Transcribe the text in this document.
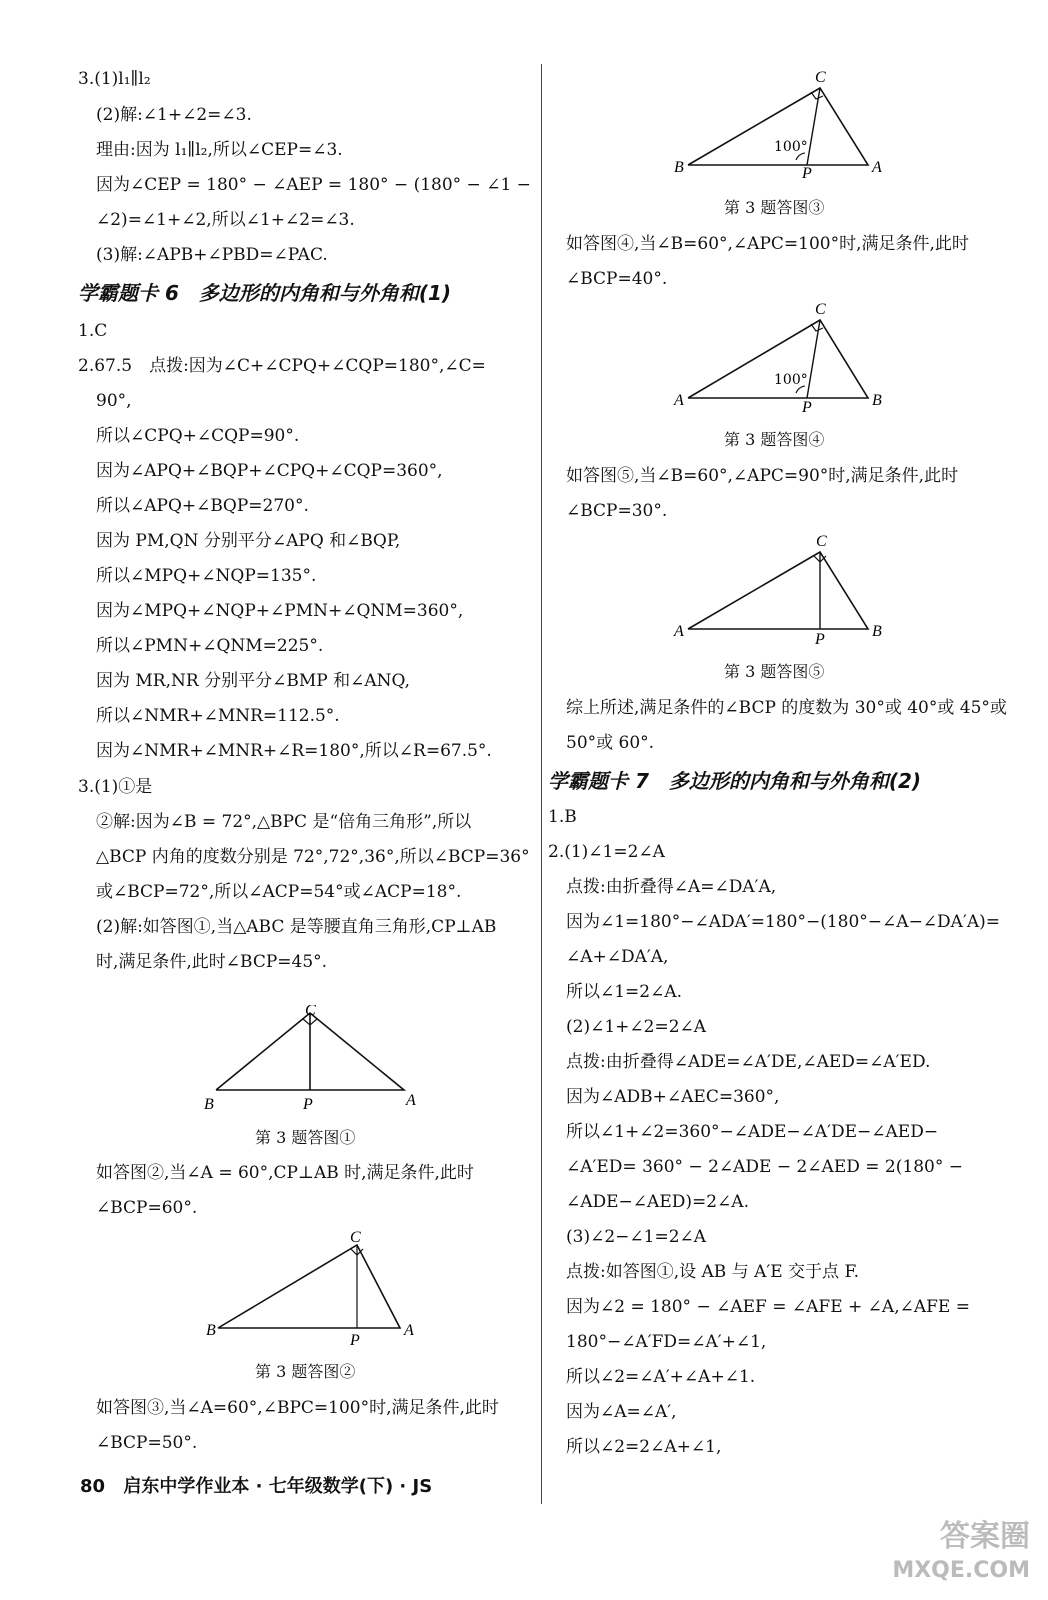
3.(1)l₁∥l₂
(2)解:∠1+∠2=∠3.
理由:因为 l₁∥l₂,所以∠CEP=∠3.
因为∠CEP = 180° − ∠AEP = 180° − (180° − ∠1 −
∠2)=∠1+∠2,所以∠1+∠2=∠3.
(3)解:∠APB+∠PBD=∠PAC.
学霸题卡 6　多边形的内角和与外角和(1)
1.C
2.67.5　点拨:因为∠C+∠CPQ+∠CQP=180°,∠C=
90°,
所以∠CPQ+∠CQP=90°.
因为∠APQ+∠BQP+∠CPQ+∠CQP=360°,
所以∠APQ+∠BQP=270°.
因为 PM,QN 分别平分∠APQ 和∠BQP,
所以∠MPQ+∠NQP=135°.
因为∠MPQ+∠NQP+∠PMN+∠QNM=360°,
所以∠PMN+∠QNM=225°.
因为 MR,NR 分别平分∠BMP 和∠ANQ,
所以∠NMR+∠MNR=112.5°.
因为∠NMR+∠MNR+∠R=180°,所以∠R=67.5°.
3.(1)①是
②解:因为∠B = 72°,△BPC 是“倍角三角形”,所以
△BCP 内角的度数分别是 72°,72°,36°,所以∠BCP=36°
或∠BCP=72°,所以∠ACP=54°或∠ACP=18°.
(2)解:如答图①,当△ABC 是等腰直角三角形,CP⊥AB
时,满足条件,此时∠BCP=45°.
C
B	P	A
第 3 题答图①
如答图②,当∠A = 60°,CP⊥AB 时,满足条件,此时
∠BCP=60°.
C
B
P
A
第 3 题答图②
如答图③,当∠A=60°,∠BPC=100°时,满足条件,此时
∠BCP=50°.
C
B	P	A
100°
第 3 题答图③
如答图④,当∠B=60°,∠APC=100°时,满足条件,此时
∠BCP=40°.
C
A	P	B
100°
第 3 题答图④
如答图⑤,当∠B=60°,∠APC=90°时,满足条件,此时
∠BCP=30°.
C
A	P	B
第 3 题答图⑤
综上所述,满足条件的∠BCP 的度数为 30°或 40°或 45°或
50°或 60°.
学霸题卡 7　多边形的内角和与外角和(2)
1.B
2.(1)∠1=2∠A
点拨:由折叠得∠A=∠DA′A,
因为∠1=180°−∠ADA′=180°−(180°−∠A−∠DA′A)=
∠A+∠DA′A,
所以∠1=2∠A.
(2)∠1+∠2=2∠A
点拨:由折叠得∠ADE=∠A′DE,∠AED=∠A′ED.
因为∠ADB+∠AEC=360°,
所以∠1+∠2=360°−∠ADE−∠A′DE−∠AED−
∠A′ED= 360° − 2∠ADE − 2∠AED = 2(180° −
∠ADE−∠AED)=2∠A.
(3)∠2−∠1=2∠A
点拨:如答图①,设 AB 与 A′E 交于点 F.
因为∠2 = 180° − ∠AEF = ∠AFE + ∠A,∠AFE =
180°−∠A′FD=∠A′+∠1,
所以∠2=∠A′+∠A+∠1.
因为∠A=∠A′,
所以∠2=2∠A+∠1,
80 启东中学作业本 · 七年级数学(下) · JS
答案圈
MXQE.COM
